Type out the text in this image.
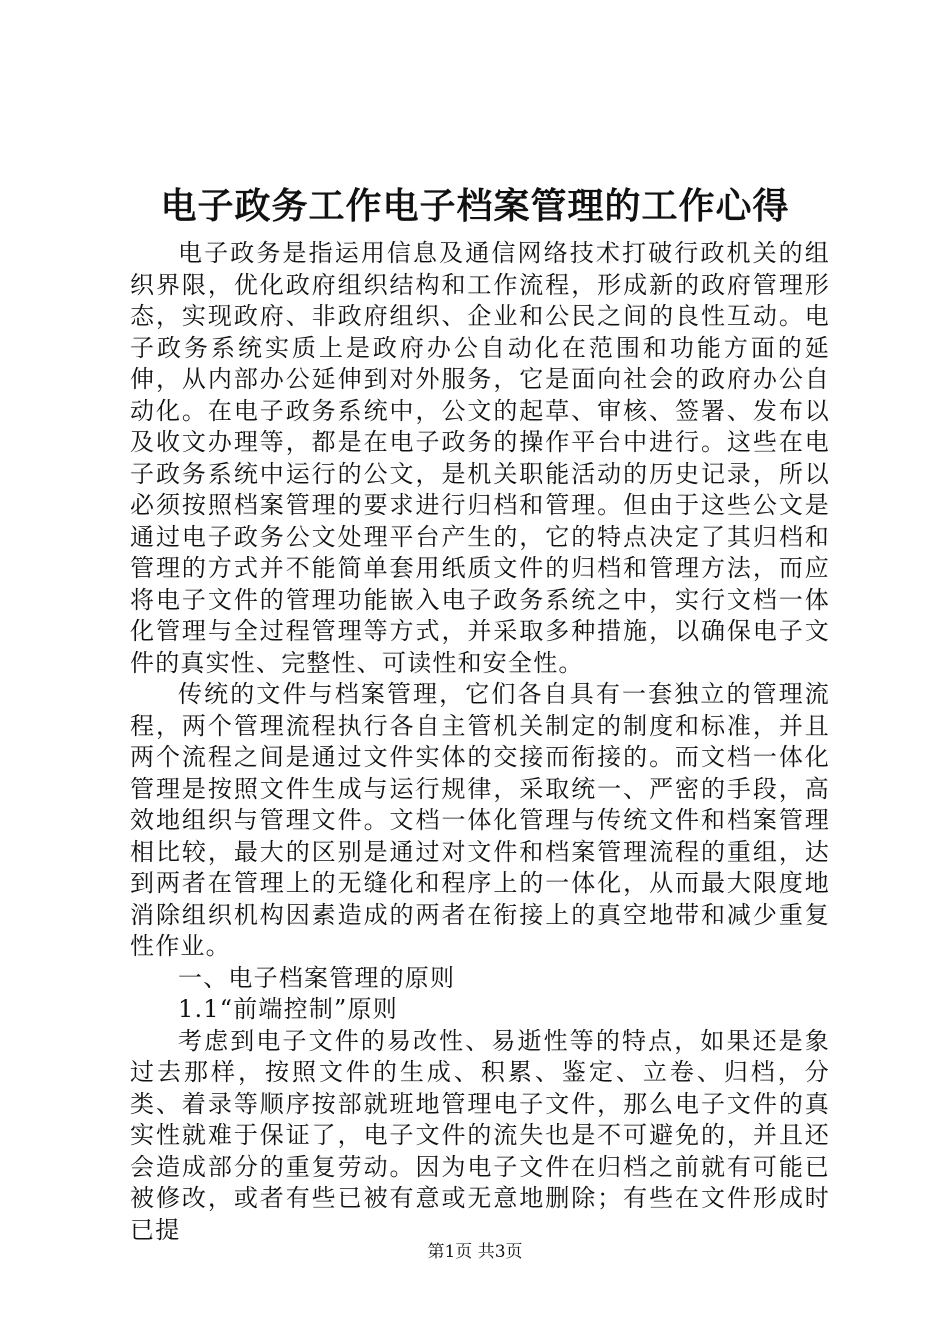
电子政务工作电子档案管理的工作心得

电子政务是指运用信息及通信网络技术打破行政机关的组织界限，优化政府组织结构和工作流程，形成新的政府管理形态，实现政府、非政府组织、企业和公民之间的良性互动。电子政务系统实质上是政府办公自动化在范围和功能方面的延伸，从内部办公延伸到对外服务，它是面向社会的政府办公自动化。在电子政务系统中，公文的起草、审核、签署、发布以及收文办理等，都是在电子政务的操作平台中进行。这些在电子政务系统中运行的公文，是机关职能活动的历史记录，所以必须按照档案管理的要求进行归档和管理。但由于这些公文是通过电子政务公文处理平台产生的，它的特点决定了其归档和管理的方式并不能简单套用纸质文件的归档和管理方法，而应将电子文件的管理功能嵌入电子政务系统之中，实行文档一体化管理与全过程管理等方式，并采取多种措施，以确保电子文件的真实性、完整性、可读性和安全性。

传统的文件与档案管理，它们各自具有一套独立的管理流程，两个管理流程执行各自主管机关制定的制度和标准，并且两个流程之间是通过文件实体的交接而衔接的。而文档一体化管理是按照文件生成与运行规律，采取统一、严密的手段，高效地组织与管理文件。文档一体化管理与传统文件和档案管理相比较，最大的区别是通过对文件和档案管理流程的重组，达到两者在管理上的无缝化和程序上的一体化，从而最大限度地消除组织机构因素造成的两者在衔接上的真空地带和减少重复性作业。

一、电子档案管理的原则

1.1“前端控制”原则

考虑到电子文件的易改性、易逝性等的特点，如果还是象过去那样，按照文件的生成、积累、鉴定、立卷、归档，分类、着录等顺序按部就班地管理电子文件，那么电子文件的真实性就难于保证了，电子文件的流失也是不可避免的，并且还会造成部分的重复劳动。因为电子文件在归档之前就有可能已被修改，或者有些已被有意或无意地删除；有些在文件形成时已提

第1页 共3页
